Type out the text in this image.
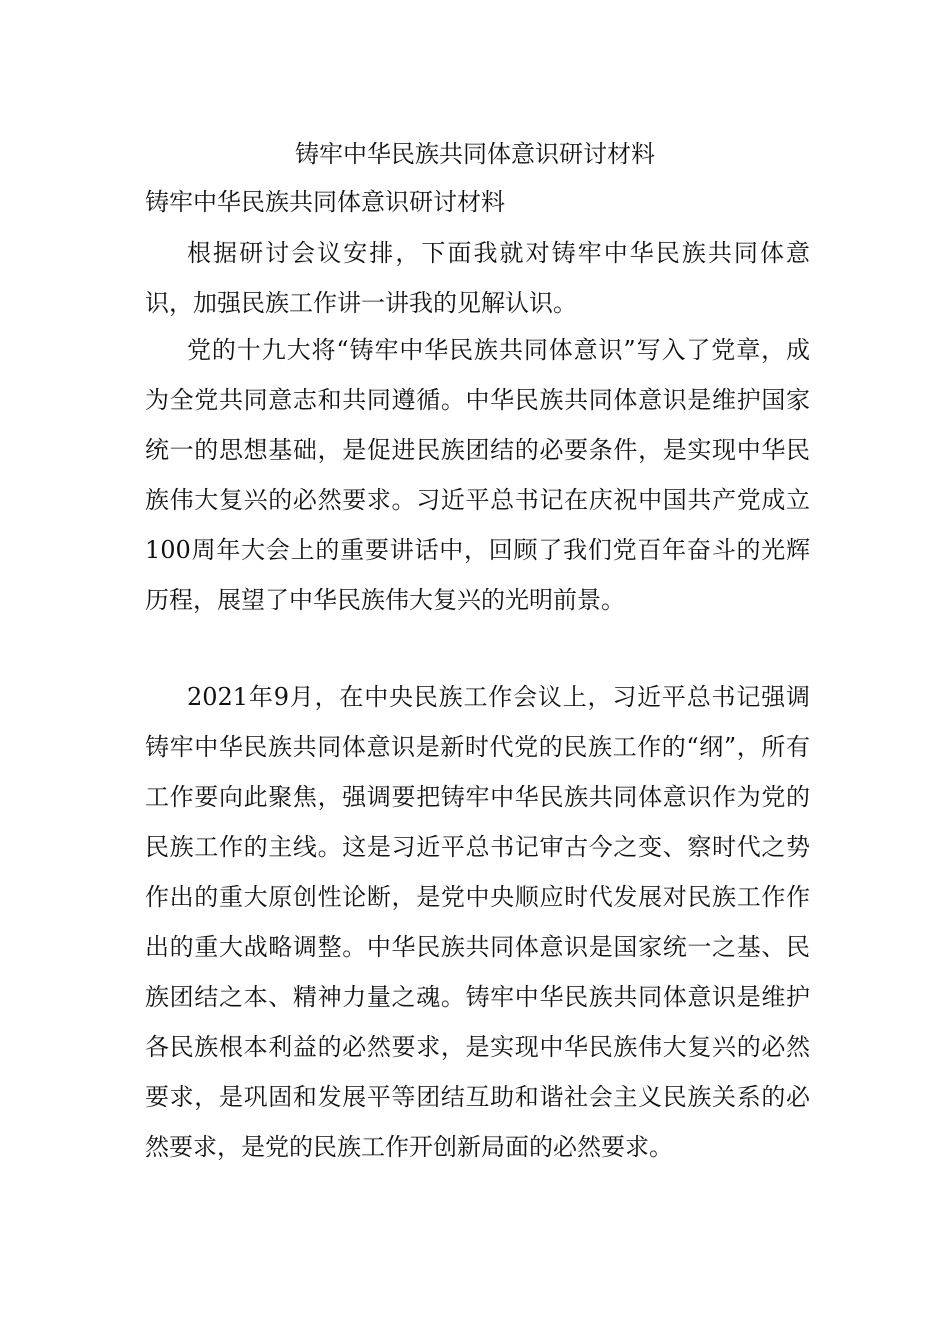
铸牢中华民族共同体意识研讨材料
铸牢中华民族共同体意识研讨材料

根据研讨会议安排，下面我就对铸牢中华民族共同体意识，加强民族工作讲一讲我的见解认识。

党的十九大将“铸牢中华民族共同体意识”写入了党章，成为全党共同意志和共同遵循。中华民族共同体意识是维护国家统一的思想基础，是促进民族团结的必要条件，是实现中华民族伟大复兴的必然要求。习近平总书记在庆祝中国共产党成立100周年大会上的重要讲话中，回顾了我们党百年奋斗的光辉历程，展望了中华民族伟大复兴的光明前景。

2021年9月，在中央民族工作会议上，习近平总书记强调铸牢中华民族共同体意识是新时代党的民族工作的“纲”，所有工作要向此聚焦，强调要把铸牢中华民族共同体意识作为党的民族工作的主线。这是习近平总书记审古今之变、察时代之势作出的重大原创性论断，是党中央顺应时代发展对民族工作作出的重大战略调整。中华民族共同体意识是国家统一之基、民族团结之本、精神力量之魂。铸牢中华民族共同体意识是维护各民族根本利益的必然要求，是实现中华民族伟大复兴的必然要求，是巩固和发展平等团结互助和谐社会主义民族关系的必然要求，是党的民族工作开创新局面的必然要求。
